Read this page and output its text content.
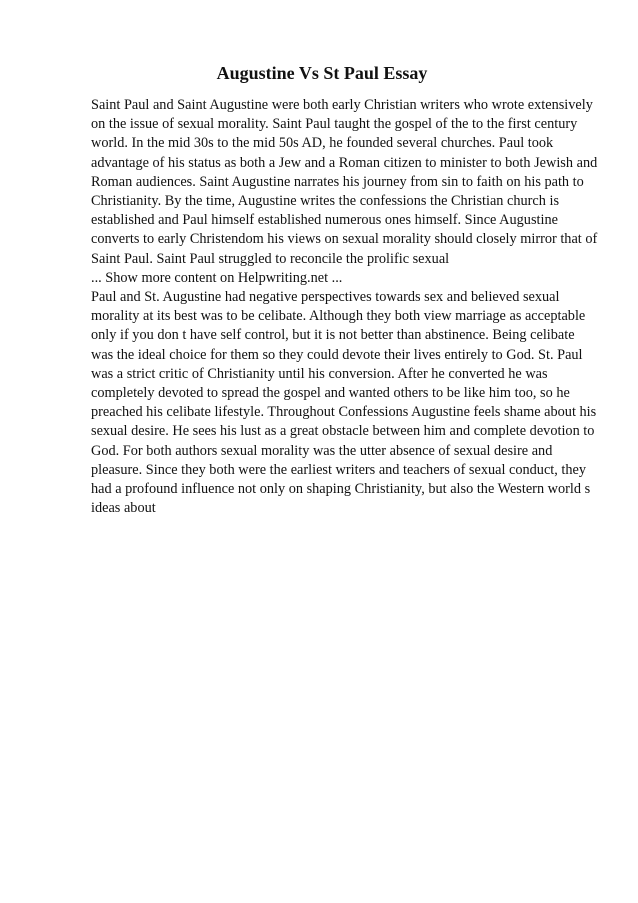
Augustine Vs St Paul Essay

Saint Paul and Saint Augustine were both early Christian writers who wrote extensively on the issue of sexual morality. Saint Paul taught the gospel of the to the first century world. In the mid 30s to the mid 50s AD, he founded several churches. Paul took advantage of his status as both a Jew and a Roman citizen to minister to both Jewish and Roman audiences. Saint Augustine narrates his journey from sin to faith on his path to Christianity. By the time, Augustine writes the confessions the Christian church is established and Paul himself established numerous ones himself. Since Augustine converts to early Christendom his views on sexual morality should closely mirror that of Saint Paul. Saint Paul struggled to reconcile the prolific sexual

... Show more content on Helpwriting.net ...

Paul and St. Augustine had negative perspectives towards sex and believed sexual morality at its best was to be celibate. Although they both view marriage as acceptable only if you don t have self control, but it is not better than abstinence. Being celibate was the ideal choice for them so they could devote their lives entirely to God. St. Paul was a strict critic of Christianity until his conversion. After he converted he was completely devoted to spread the gospel and wanted others to be like him too, so he preached his celibate lifestyle. Throughout Confessions Augustine feels shame about his sexual desire. He sees his lust as a great obstacle between him and complete devotion to God. For both authors sexual morality was the utter absence of sexual desire and pleasure. Since they both were the earliest writers and teachers of sexual conduct, they had a profound influence not only on shaping Christianity, but also the Western world s ideas about
